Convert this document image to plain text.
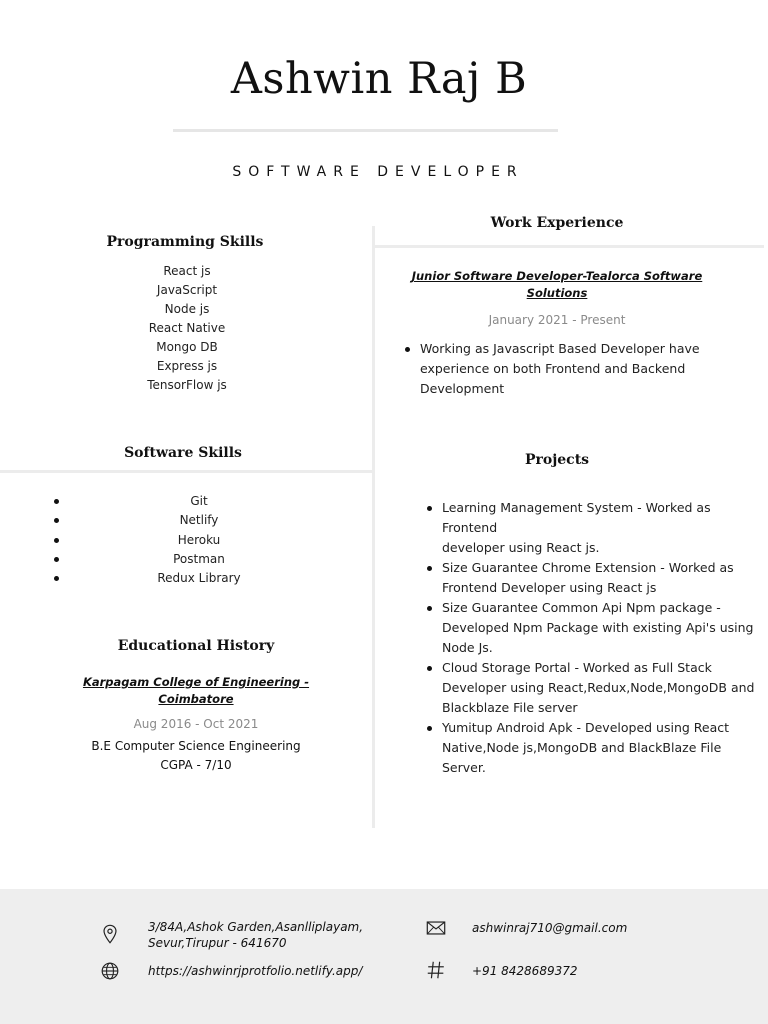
Ashwin Raj B
SOFTWARE DEVELOPER
Programming Skills
React js
JavaScript
Node js
React Native
Mongo DB
Express js
TensorFlow js
Software Skills
Git
Netlify
Heroku
Postman
Redux Library
Educational History
Karpagam College of Engineering -
Coimbatore
Aug 2016 - Oct 2021
B.E Computer Science Engineering
CGPA - 7/10
Work Experience
Junior Software Developer-Tealorca Software
Solutions
January 2021 - Present
Working as Javascript Based Developer have
experience on both Frontend and Backend
Development
Projects
Learning Management System - Worked as Frontend
developer using React js.
Size Guarantee Chrome Extension - Worked as
Frontend Developer using React js
Size Guarantee Common Api Npm package -
Developed Npm Package with existing Api's using
Node Js.
Cloud Storage Portal - Worked as Full Stack
Developer using React,Redux,Node,MongoDB and
Blackblaze File server
Yumitup Android Apk - Developed using React
Native,Node js,MongoDB and BlackBlaze File Server.
3/84A,Ashok Garden,Asanlliplayam,
Sevur,Tirupur - 641670
https://ashwinrjprotfolio.netlify.app/
ashwinraj710@gmail.com
+91 8428689372
